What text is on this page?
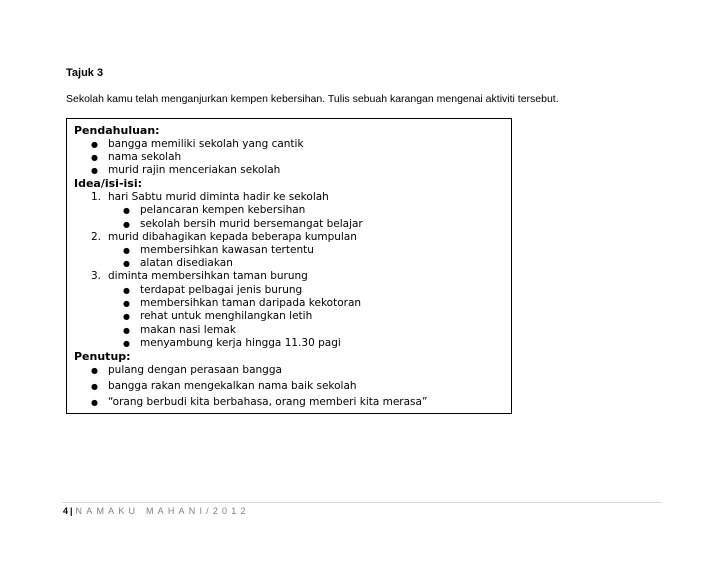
Tajuk 3
Sekolah kamu telah menganjurkan kempen kebersihan. Tulis sebuah karangan mengenai aktiviti tersebut.
Pendahuluan:
● bangga memiliki sekolah yang cantik
● nama sekolah
● murid rajin menceriakan sekolah
Idea/isi-isi:
1. hari Sabtu murid diminta hadir ke sekolah
● pelancaran kempen kebersihan
● sekolah bersih murid bersemangat belajar
2. murid dibahagikan kepada beberapa kumpulan
● membersihkan kawasan tertentu
● alatan disediakan
3. diminta membersihkan taman burung
● terdapat pelbagai jenis burung
● membersihkan taman daripada kekotoran
● rehat untuk menghilangkan letih
● makan nasi lemak
● menyambung kerja hingga 11.30 pagi
Penutup:
● pulang dengan perasaan bangga
● bangga rakan mengekalkan nama baik sekolah
● “orang berbudi kita berbahasa, orang memberi kita merasa”
4 | NAMAKU MAHANI/2012
